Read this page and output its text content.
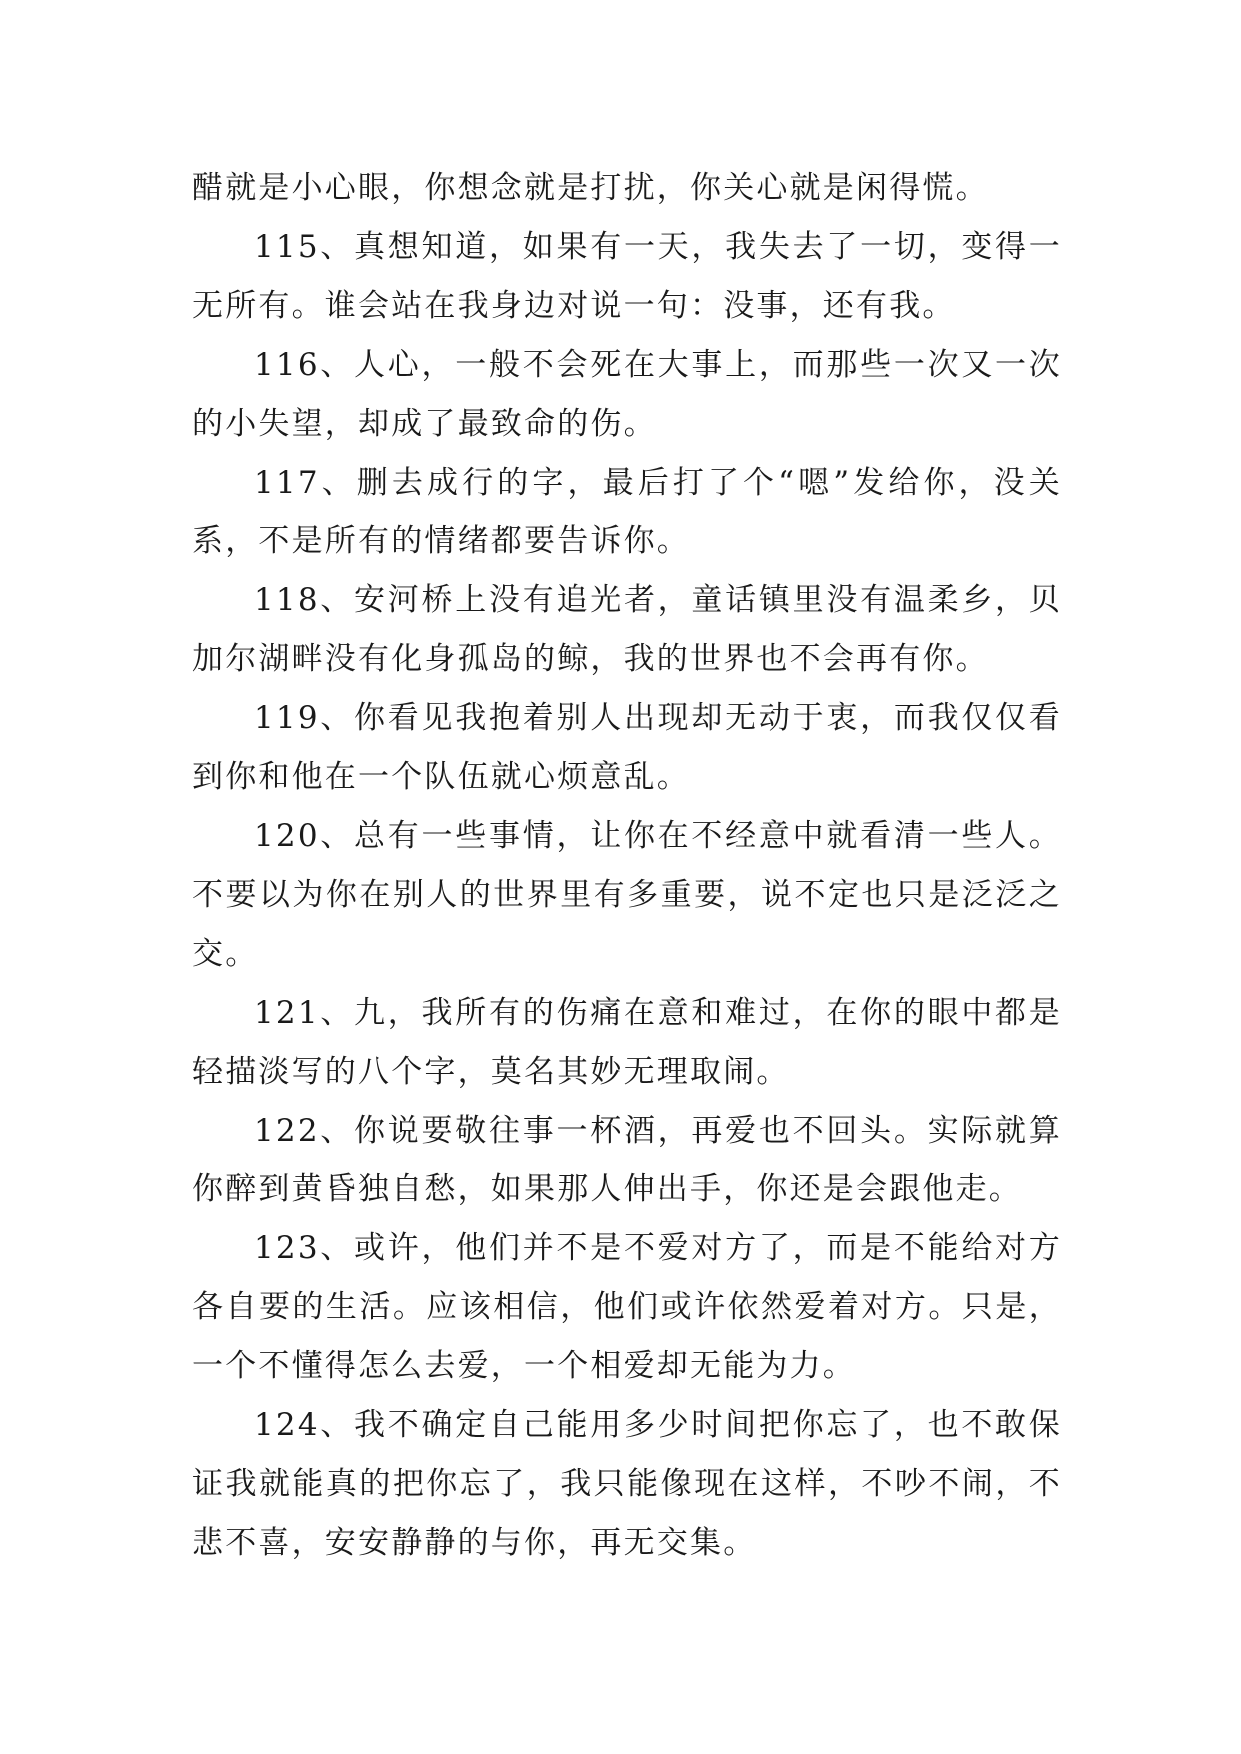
醋就是小心眼，你想念就是打扰，你关心就是闲得慌。

115、真想知道，如果有一天，我失去了一切，变得一无所有。谁会站在我身边对说一句：没事，还有我。

116、人心，一般不会死在大事上，而那些一次又一次的小失望，却成了最致命的伤。

117、删去成行的字，最后打了个“嗯”发给你，没关系，不是所有的情绪都要告诉你。

118、安河桥上没有追光者，童话镇里没有温柔乡，贝加尔湖畔没有化身孤岛的鲸，我的世界也不会再有你。

119、你看见我抱着别人出现却无动于衷，而我仅仅看到你和他在一个队伍就心烦意乱。

120、总有一些事情，让你在不经意中就看清一些人。不要以为你在别人的世界里有多重要，说不定也只是泛泛之交。

121、九，我所有的伤痛在意和难过，在你的眼中都是轻描淡写的八个字，莫名其妙无理取闹。

122、你说要敬往事一杯酒，再爱也不回头。实际就算你醉到黄昏独自愁，如果那人伸出手，你还是会跟他走。

123、或许，他们并不是不爱对方了，而是不能给对方各自要的生活。应该相信，他们或许依然爱着对方。只是，一个不懂得怎么去爱，一个相爱却无能为力。

124、我不确定自己能用多少时间把你忘了，也不敢保证我就能真的把你忘了，我只能像现在这样，不吵不闹，不悲不喜，安安静静的与你，再无交集。
